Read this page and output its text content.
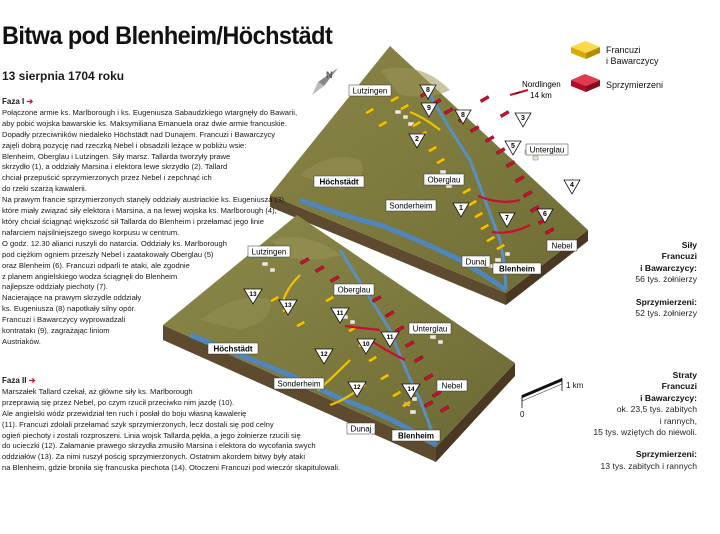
Bitwa pod Blenheim/Höchstädt
13 sierpnia 1704 roku
Lutzingen
Höchstädt	Oberglau
Sonderheim
Unterglau
Nebel
Dunaj
Blenheim
Nordlingen
14 km
8
9
8	3
2
5
4
1
7
6
N
Lutzingen
Oberglau
Höchstädt
Unterglau
Sonderheim	Nebel
Dunaj
Blenheim
13
13
11
10
11
12
12	14
Francuzi
i Bawarczycy
Sprzymierzeni
1 km
0
Faza I ➔
Połączone armie ks. Marlborough i ks. Eugeniusza Sabaudzkiego wtargnęły do Bawarii,
aby pobić wojska bawarskie ks. Maksymiliana Emanuela oraz dwie armie francuskie.
Dopadły przeciwników niedaleko Höchstädt nad Dunajem. Francuzi i Bawarczycy
zajęli dobrą pozycję nad rzeczką Nebel i obsadzili leżące w pobliżu wsie:
Blenheim, Oberglau i Lutzingen. Siły marsz. Tallarda tworzyły prawe
skrzydło (1), a oddziały Marsina i elektora lewe skrzydło (2). Tallard
chciał przepuścić sprzymierzonych przez Nebel i zepchnąć ich
do rzeki szarżą kawalerii.
Na prawym francie sprzymierzonych stanęły oddziały austriackie ks. Eugeniusza (3),
które miały związać siły elektora i Marsina, a na lewej wojska ks. Marlborough (4),
który chciał ściągnąć większość sił Tallarda do Blenheim i przełamać jego linie
nafarciem najsilniejszego swego korpusu w centrum.
O godz. 12.30 alianci ruszyli do natarcia. Oddziały ks. Marlborough
pod ciężkim ogniem przeszły Nebel i zaatakowały Oberglau (5)
oraz Blenheim (6). Francuzi odparli te ataki, ale zgodnie
z planem angielskiego wodza ściągnęli do Blenheim
najlepsze oddziały piechoty (7).
Nacierające na prawym skrzydle oddziały
ks. Eugeniusza (8) napotkały silny opór.
Francuzi i Bawarczycy wyprowadzali
kontratakı (9), zagrażając liniom
Austriaków.
Faza II ➔
Marszałek Tallard czekał, aż główne siły ks. Marlborough
przeprawią się przez Nebel, po czym rzucił przeciwko nim jazdę (10).
Ale angielski wódz przewidział ten ruch i posłał do boju własną kawalerię
(11). Francuzi zdołali przełamać szyk sprzymierzonych, lecz dostali się pod celny
ogień piechoty i zostali rozproszeni. Linia wojsk Tallarda pękła, a jego żołnierze rzucili się
do ucieczki (12). Załamanie prawego skrzydła zmusiło Marsina i elektora do wycofania swych
oddziałów (13). Za nimi ruszył pościg sprzymierzonych. Ostatnim akordem bitwy były ataki
na Blenheim, gdzie broniła się francuska piechota (14). Otoczeni Francuzi pod wieczór skapitulowali.
Siły
Francuzi
i Bawarczycy:
56 tys. żołnierzy
Sprzymierzeni:
52 tys. żołnierzy
Straty
Francuzi
i Bawarczycy:
ok. 23,5 tys. zabitych
i rannych,
15 tys. wziętych do niewoli.
Sprzymierzeni:
13 tys. zabitych i rannych
